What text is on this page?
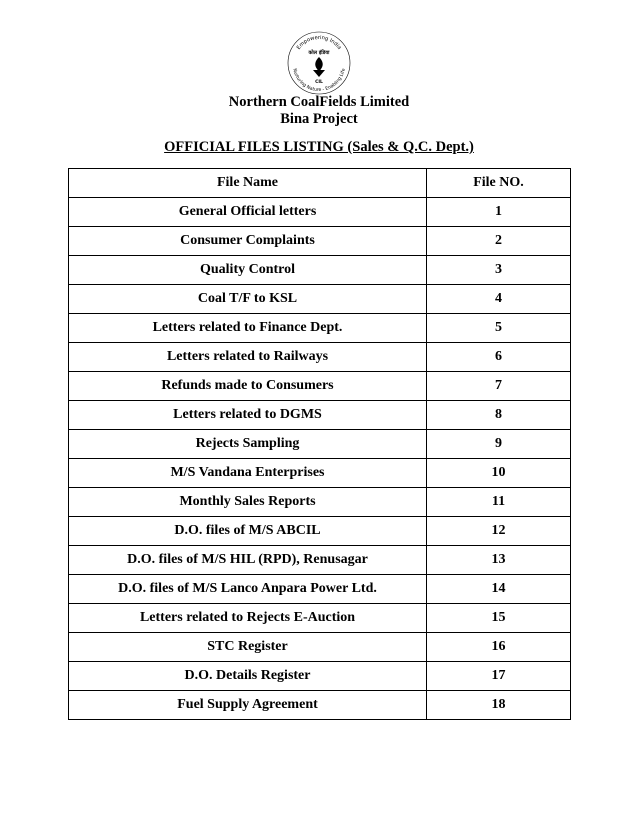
Empowering India
Nurturing Nature - Enabling Life
कोल इंडिया
CIL
Northern CoalFields Limited
Bina Project
OFFICIAL FILES LISTING (Sales & Q.C. Dept.)
File Name	File NO.
General Official letters	1
Consumer Complaints	2
Quality Control	3
Coal T/F to KSL	4
Letters related to Finance Dept.	5
Letters related to Railways	6
Refunds made to Consumers	7
Letters related to DGMS	8
Rejects Sampling	9
M/S Vandana Enterprises	10
Monthly Sales Reports	11
D.O. files of M/S ABCIL	12
D.O. files of M/S HIL (RPD), Renusagar	13
D.O. files of M/S Lanco Anpara Power Ltd.	14
Letters related to Rejects E-Auction	15
STC Register	16
D.O. Details Register	17
Fuel Supply Agreement	18
